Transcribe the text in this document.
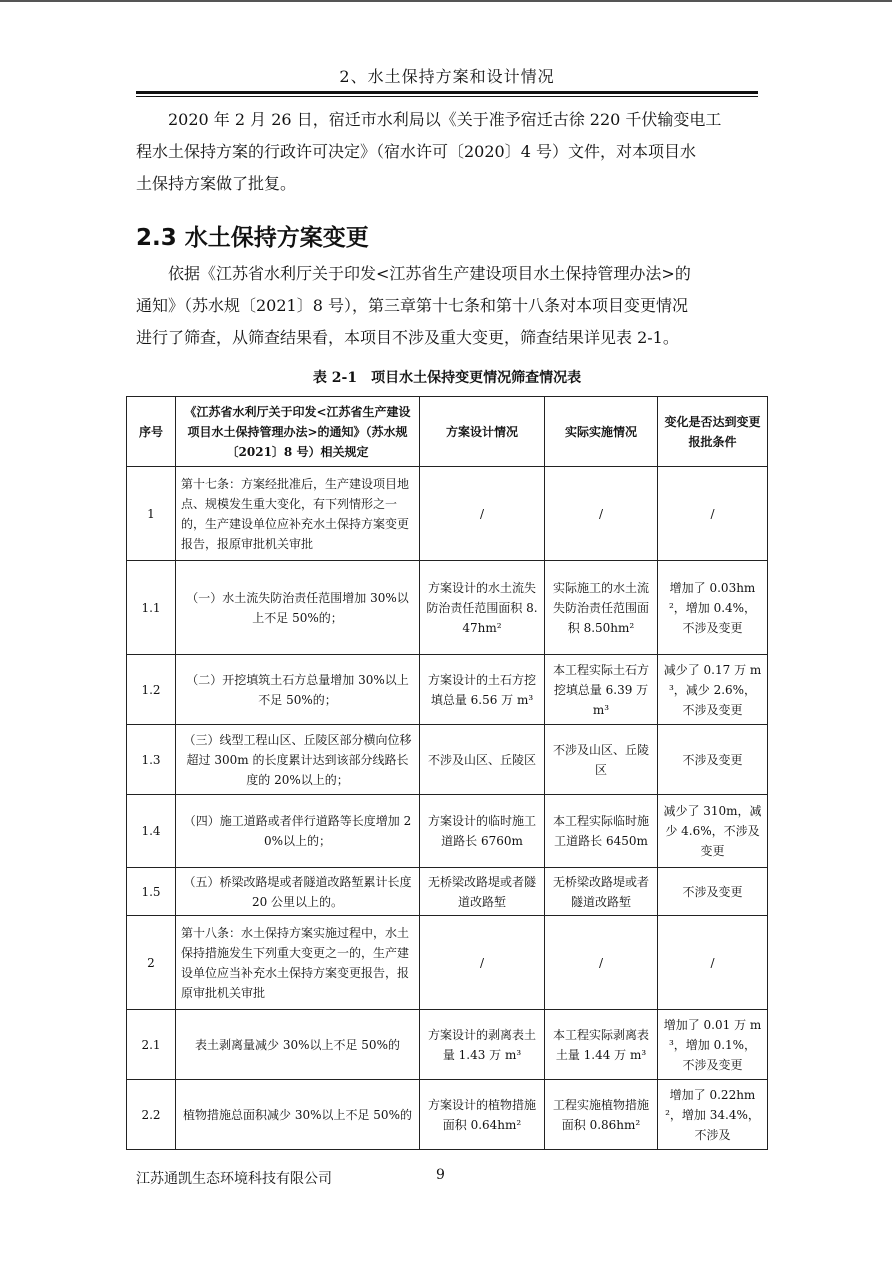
2、水土保持方案和设计情况
　　2020 年 2 月 26 日，宿迁市水利局以《关于准予宿迁古徐 220 千伏输变电工
程水土保持方案的行政许可决定》（宿水许可〔2020〕4 号）文件，对本项目水
土保持方案做了批复。
2.3 水土保持方案变更
　　依据《江苏省水利厅关于印发<江苏省生产建设项目水土保持管理办法>的
通知》（苏水规〔2021〕8 号），第三章第十七条和第十八条对本项目变更情况
进行了筛查，从筛查结果看，本项目不涉及重大变更，筛查结果详见表 2-1。
表 2-1　项目水土保持变更情况筛查情况表
序号	《江苏省水利厅关于印发<江苏省生产建设项目水土保持管理办法>的通知》（苏水规〔2021〕8 号）相关规定	方案设计情况	实际实施情况	变化是否达到变更报批条件
1	第十七条：方案经批准后，生产建设项目地点、规模发生重大变化，有下列情形之一的，生产建设单位应补充水土保持方案变更报告，报原审批机关审批	/	/	/
1.1	（一）水土流失防治责任范围增加 30%以上不足 50%的；	方案设计的水土流失防治责任范围面积 8.47hm²	实际施工的水土流失防治责任范围面积 8.50hm²	增加了 0.03hm²，增加 0.4%，不涉及变更
1.2	（二）开挖填筑土石方总量增加 30%以上不足 50%的；	方案设计的土石方挖填总量 6.56 万 m³	本工程实际土石方挖填总量 6.39 万 m³	减少了 0.17 万 m³，减少 2.6%，不涉及变更
1.3	（三）线型工程山区、丘陵区部分横向位移超过 300m 的长度累计达到该部分线路长度的 20%以上的；	不涉及山区、丘陵区	不涉及山区、丘陵区	不涉及变更
1.4	（四）施工道路或者伴行道路等长度增加 20%以上的；	方案设计的临时施工道路长 6760m	本工程实际临时施工道路长 6450m	减少了 310m，减少 4.6%，不涉及变更
1.5	（五）桥梁改路堤或者隧道改路堑累计长度 20 公里以上的。	无桥梁改路堤或者隧道改路堑	无桥梁改路堤或者隧道改路堑	不涉及变更
2	第十八条：水土保持方案实施过程中，水土保持措施发生下列重大变更之一的，生产建设单位应当补充水土保持方案变更报告，报原审批机关审批	/	/	/
2.1	表土剥离量减少 30%以上不足 50%的	方案设计的剥离表土量 1.43 万 m³	本工程实际剥离表土量 1.44 万 m³	增加了 0.01 万 m³，增加 0.1%，不涉及变更
2.2	植物措施总面积减少 30%以上不足 50%的	方案设计的植物措施面积 0.64hm²	工程实施植物措施面积 0.86hm²	增加了 0.22hm²，增加 34.4%，不涉及
江苏通凯生态环境科技有限公司	9
